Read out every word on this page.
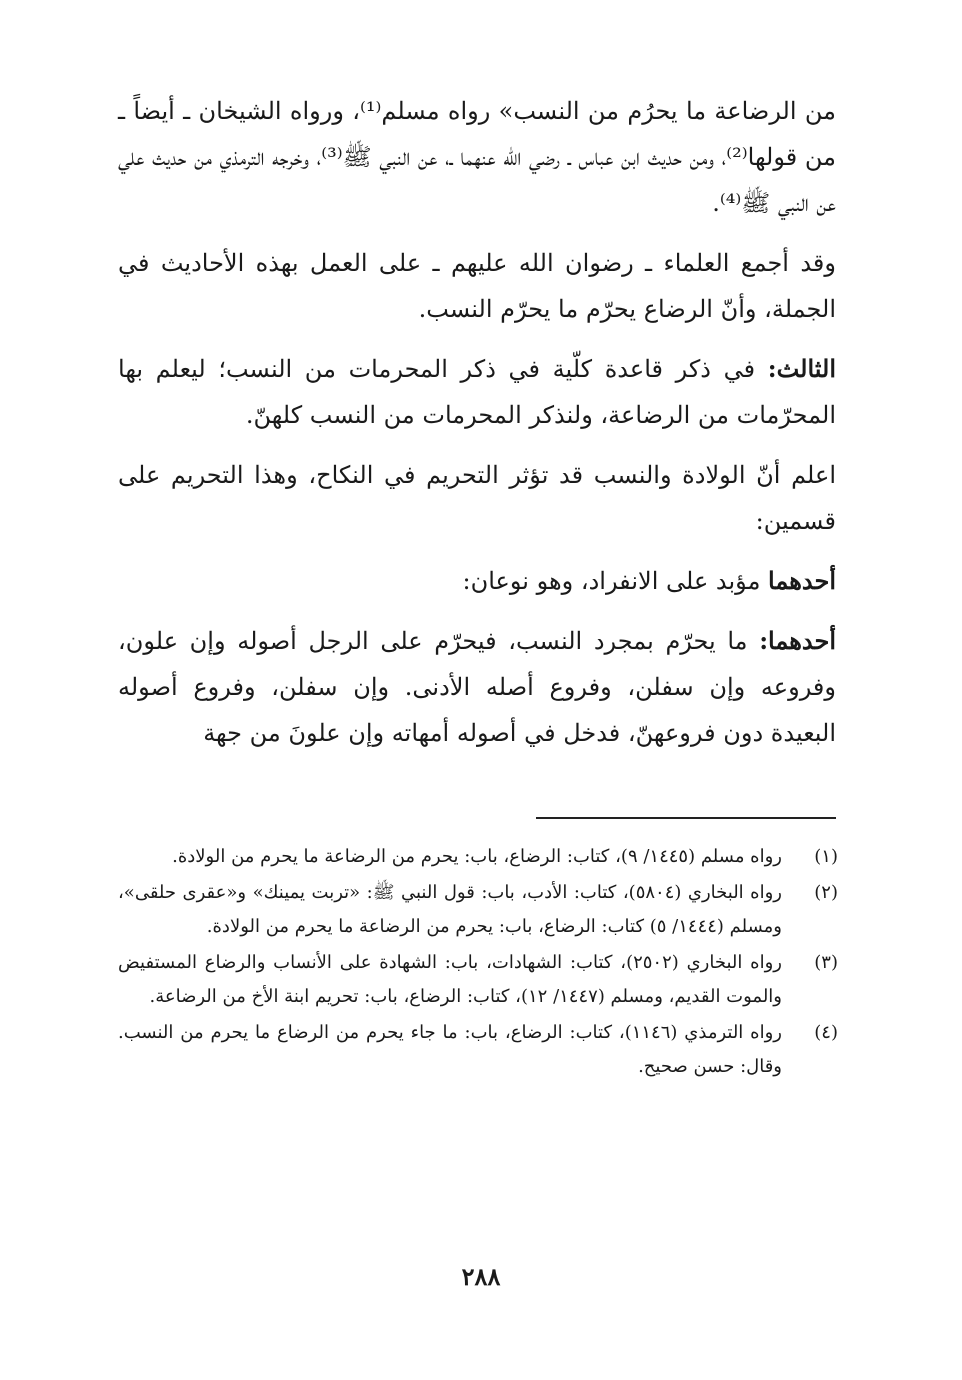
من الرضاعة ما يحرُم من النسب» رواه مسلم⁽¹⁾، ورواه الشيخان ـ أيضاً ـ من قولها⁽²⁾، ومن حديث ابن عباس ـ رضي الله عنهما ـ، عن النبي ﷺ⁽³⁾، وخرجه الترمذي من حديث علي عن النبي ﷺ⁽⁴⁾.

وقد أجمع العلماء ـ رضوان الله عليهم ـ على العمل بهذه الأحاديث في الجملة، وأنّ الرضاع يحرّم ما يحرّم النسب.

الثالث: في ذكر قاعدة كلّية في ذكر المحرمات من النسب؛ ليعلم بها المحرّمات من الرضاعة، ولنذكر المحرمات من النسب كلهنّ.

اعلم أنّ الولادة والنسب قد تؤثر التحريم في النكاح، وهذا التحريم على قسمين:

أحدهما مؤبد على الانفراد، وهو نوعان:

أحدهما: ما يحرّم بمجرد النسب، فيحرّم على الرجل أصوله وإن علون، وفروعه وإن سفلن، وفروع أصله الأدنى. وإن سفلن، وفروع أصوله البعيدة دون فروعهنّ، فدخل في أصوله أمهاته وإن علونَ من جهة

(١)
رواه مسلم (١٤٤٥/ ٩)، كتاب: الرضاع، باب: يحرم من الرضاعة ما يحرم من الولادة.
(٢)
رواه البخاري (٥٨٠٤)، كتاب: الأدب، باب: قول النبي ﷺ: «تربت يمينك» و«عقرى حلقى»، ومسلم (١٤٤٤/ ٥) كتاب: الرضاع، باب: يحرم من الرضاعة ما يحرم من الولادة.
(٣)
رواه البخاري (٢٥٠٢)، كتاب: الشهادات، باب: الشهادة على الأنساب والرضاع المستفيض والموت القديم، ومسلم (١٤٤٧/ ١٢)، كتاب: الرضاع، باب: تحريم ابنة الأخ من الرضاعة.
(٤)
رواه الترمذي (١١٤٦)، كتاب: الرضاع، باب: ما جاء يحرم من الرضاع ما يحرم من النسب. وقال: حسن صحيح.
٢٨٨
